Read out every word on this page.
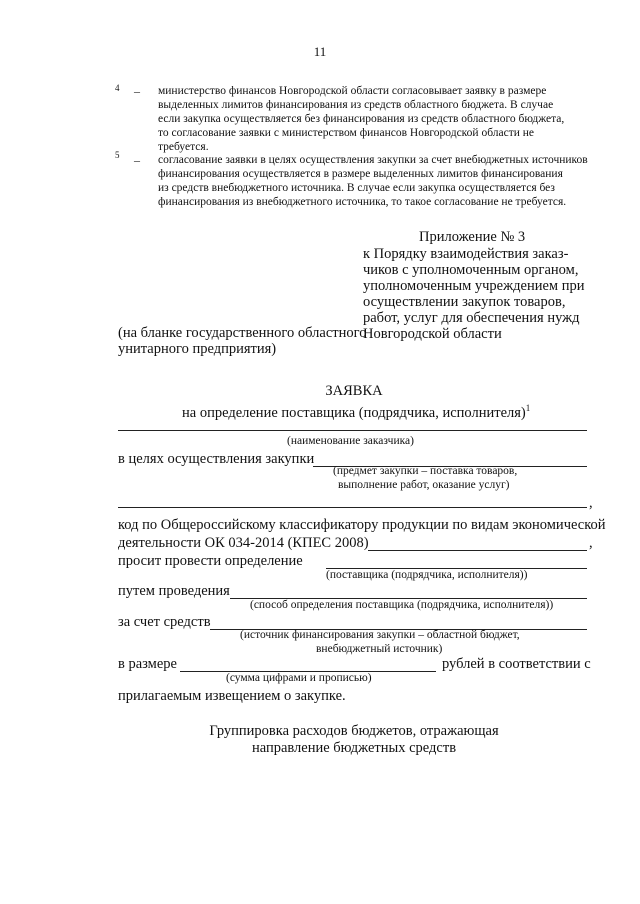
11
4 – министерство финансов Новгородской области согласовывает заявку в размере
выделенных лимитов финансирования из средств областного бюджета. В случае
если закупка осуществляется без финансирования из средств областного бюджета,
то согласование заявки с министерством финансов Новгородской области не
требуется.
5 – согласование заявки в целях осуществления закупки за счет внебюджетных источников
финансирования осуществляется в размере выделенных лимитов финансирования
из средств внебюджетного источника. В случае если закупка осуществляется без
финансирования из внебюджетного источника, то такое согласование не требуется.
Приложение № 3
к Порядку взаимодействия заказ-
чиков с уполномоченным органом,
уполномоченным учреждением при
осуществлении закупок товаров,
работ, услуг для обеспечения нужд
Новгородской области
(на бланке государственного областного
унитарного предприятия)
ЗАЯВКА
на определение поставщика (подрядчика, исполнителя)$^1$
(наименование заказчика)
в целях осуществления закупки
(предмет закупки – поставка товаров,
выполнение работ, оказание услуг)
,
код по Общероссийскому классификатору продукции по видам экономической
деятельности ОК 034-2014 (КПЕС 2008)	,
просит провести определение
(поставщика (подрядчика, исполнителя))
путем проведения
(способ определения поставщика (подрядчика, исполнителя))
за счет средств
(источник финансирования закупки – областной бюджет,
внебюджетный источник)
в размере	рублей в соответствии с
(сумма цифрами и прописью)
прилагаемым извещением о закупке.
Группировка расходов бюджетов, отражающая
направление бюджетных средств
